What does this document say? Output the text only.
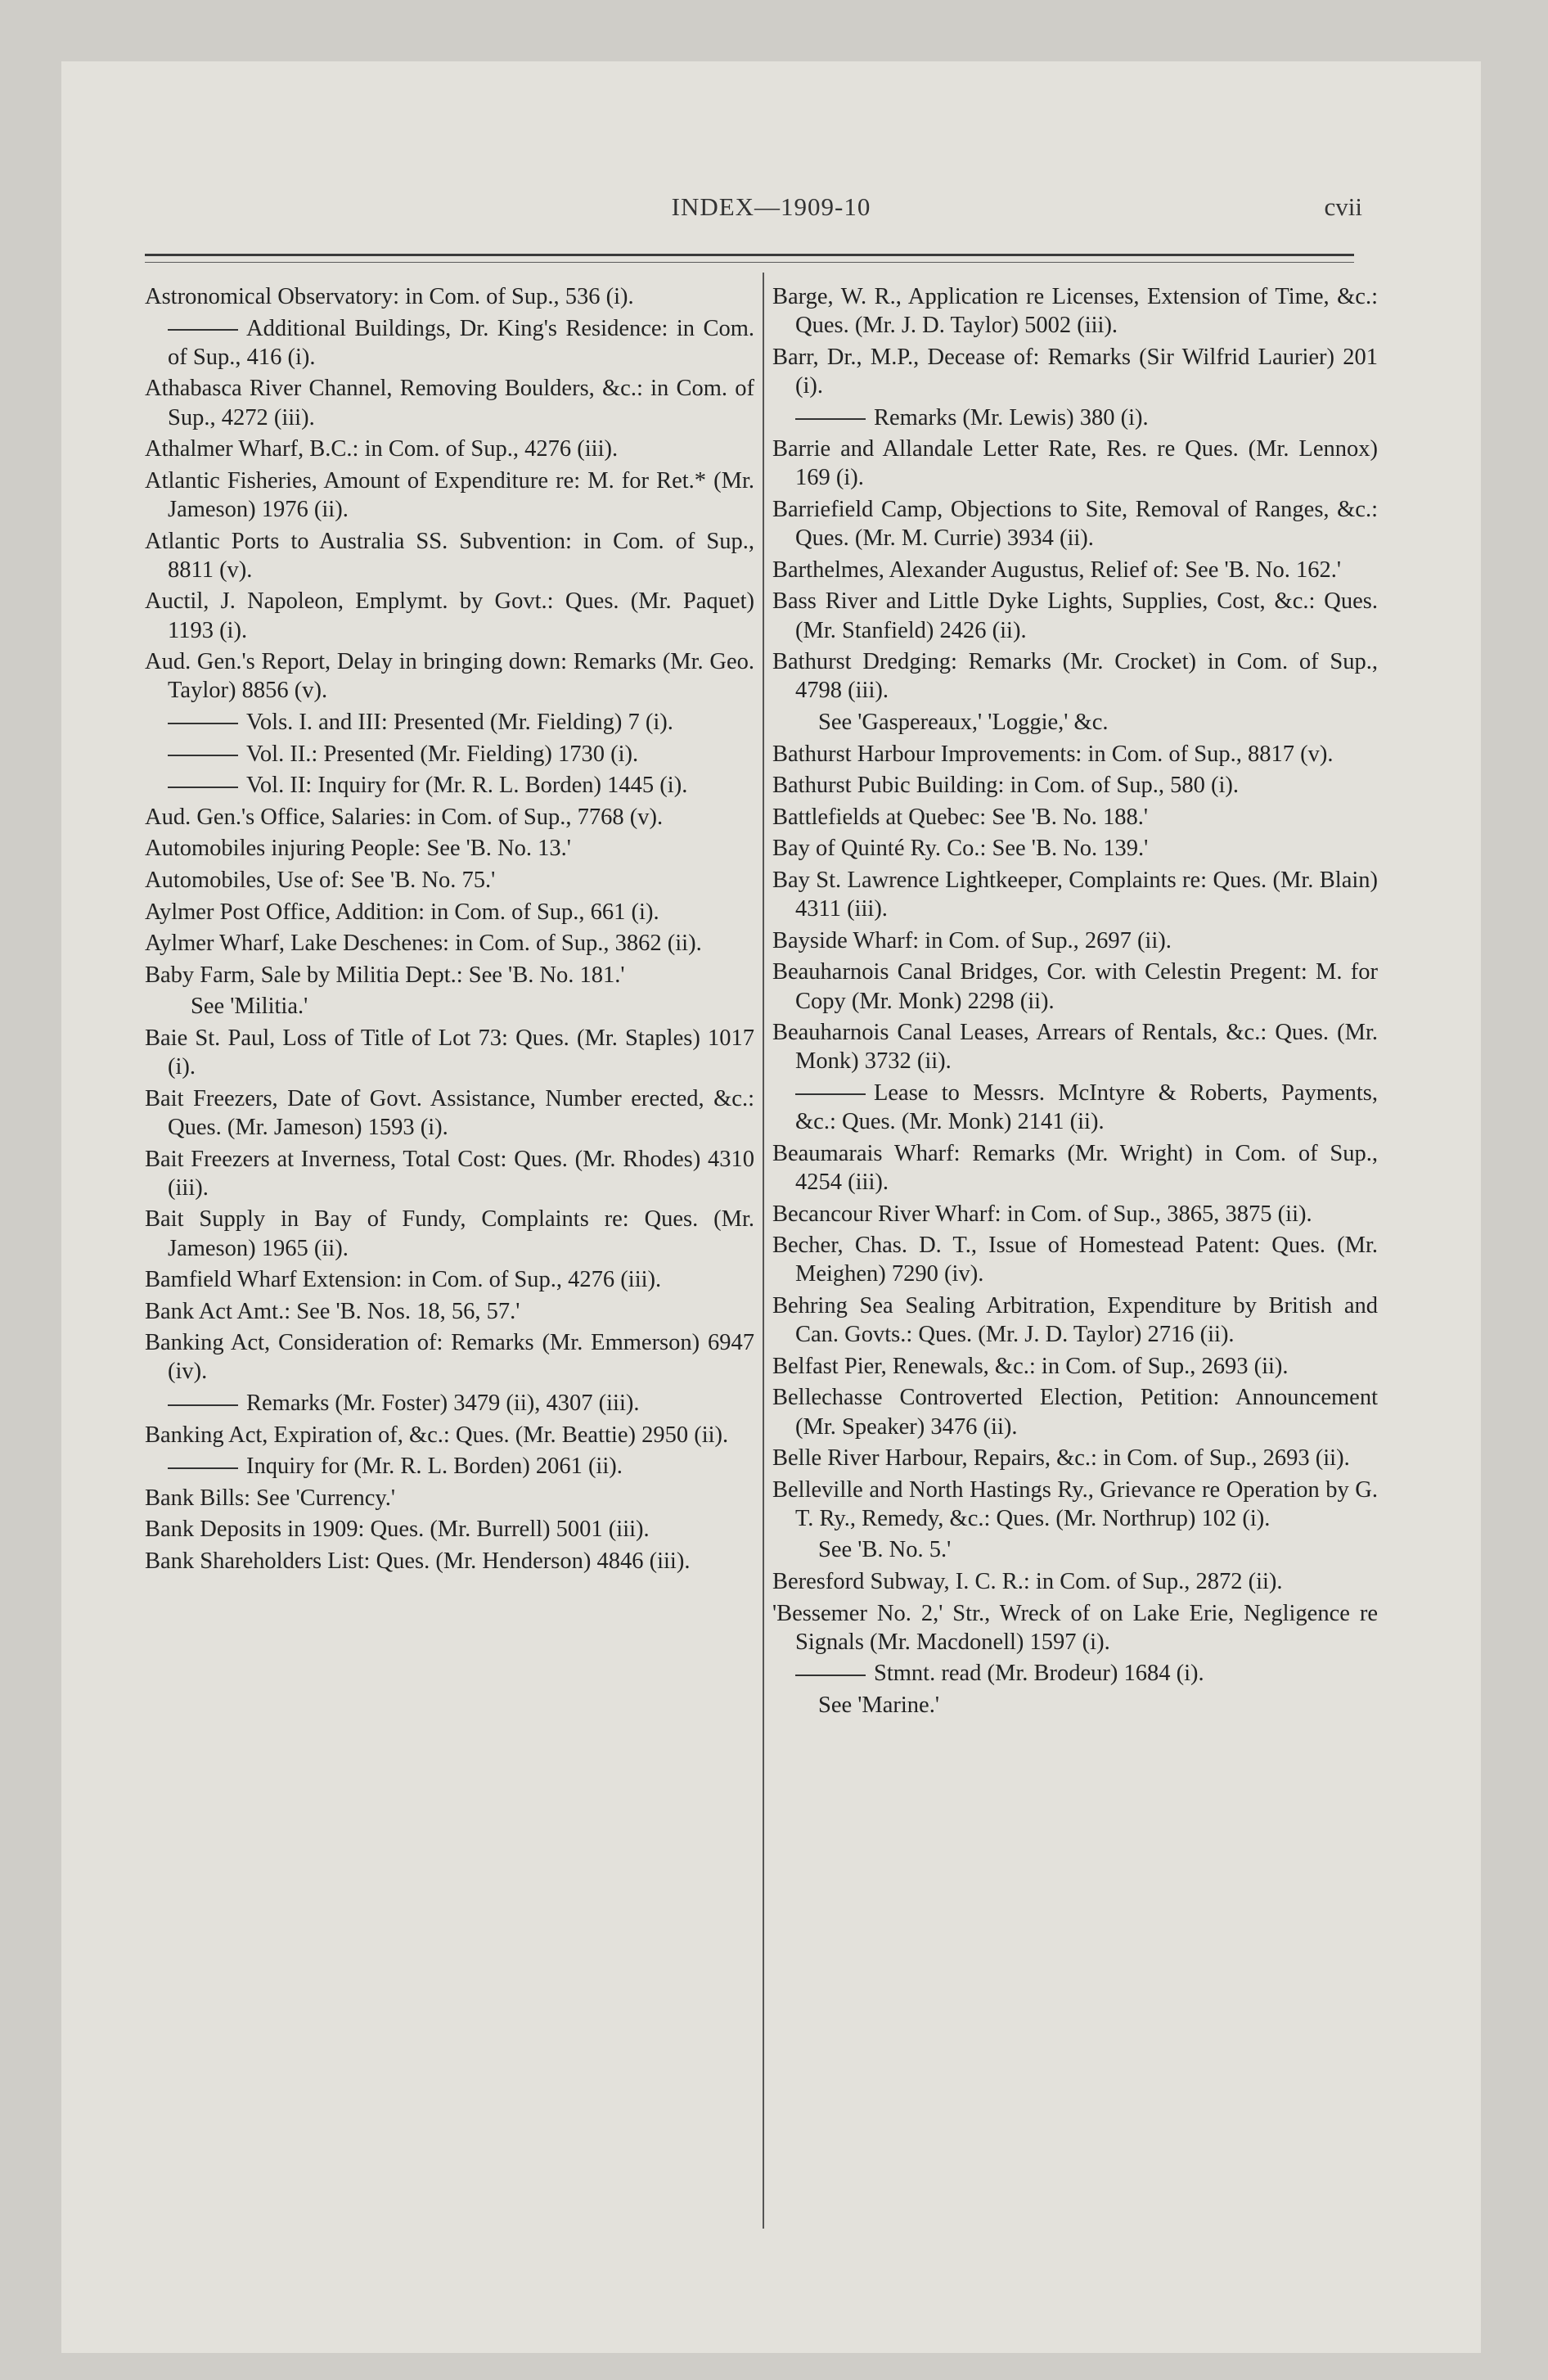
INDEX—1909-10	cvii

Astronomical Observatory: in Com. of Sup., 536 (i).

Additional Buildings, Dr. King's Residence: in Com. of Sup., 416 (i).

Athabasca River Channel, Removing Boulders, &c.: in Com. of Sup., 4272 (iii).

Athalmer Wharf, B.C.: in Com. of Sup., 4276 (iii).

Atlantic Fisheries, Amount of Expenditure re: M. for Ret.* (Mr. Jameson) 1976 (ii).

Atlantic Ports to Australia SS. Subvention: in Com. of Sup., 8811 (v).

Auctil, J. Napoleon, Emplymt. by Govt.: Ques. (Mr. Paquet) 1193 (i).

Aud. Gen.'s Report, Delay in bringing down: Remarks (Mr. Geo. Taylor) 8856 (v).

Vols. I. and III: Presented (Mr. Fielding) 7 (i).

Vol. II.: Presented (Mr. Fielding) 1730 (i).

Vol. II: Inquiry for (Mr. R. L. Borden) 1445 (i).

Aud. Gen.'s Office, Salaries: in Com. of Sup., 7768 (v).

Automobiles injuring People: See 'B. No. 13.'

Automobiles, Use of: See 'B. No. 75.'

Aylmer Post Office, Addition: in Com. of Sup., 661 (i).

Aylmer Wharf, Lake Deschenes: in Com. of Sup., 3862 (ii).

Baby Farm, Sale by Militia Dept.: See 'B. No. 181.'

See 'Militia.'

Baie St. Paul, Loss of Title of Lot 73: Ques. (Mr. Staples) 1017 (i).

Bait Freezers, Date of Govt. Assistance, Number erected, &c.: Ques. (Mr. Jameson) 1593 (i).

Bait Freezers at Inverness, Total Cost: Ques. (Mr. Rhodes) 4310 (iii).

Bait Supply in Bay of Fundy, Complaints re: Ques. (Mr. Jameson) 1965 (ii).

Bamfield Wharf Extension: in Com. of Sup., 4276 (iii).

Bank Act Amt.: See 'B. Nos. 18, 56, 57.'

Banking Act, Consideration of: Remarks (Mr. Emmerson) 6947 (iv).

Remarks (Mr. Foster) 3479 (ii), 4307 (iii).

Banking Act, Expiration of, &c.: Ques. (Mr. Beattie) 2950 (ii).

Inquiry for (Mr. R. L. Borden) 2061 (ii).

Bank Bills: See 'Currency.'

Bank Deposits in 1909: Ques. (Mr. Burrell) 5001 (iii).

Bank Shareholders List: Ques. (Mr. Henderson) 4846 (iii).

Barge, W. R., Application re Licenses, Extension of Time, &c.: Ques. (Mr. J. D. Taylor) 5002 (iii).

Barr, Dr., M.P., Decease of: Remarks (Sir Wilfrid Laurier) 201 (i).

Remarks (Mr. Lewis) 380 (i).

Barrie and Allandale Letter Rate, Res. re Ques. (Mr. Lennox) 169 (i).

Barriefield Camp, Objections to Site, Removal of Ranges, &c.: Ques. (Mr. M. Currie) 3934 (ii).

Barthelmes, Alexander Augustus, Relief of: See 'B. No. 162.'

Bass River and Little Dyke Lights, Supplies, Cost, &c.: Ques. (Mr. Stanfield) 2426 (ii).

Bathurst Dredging: Remarks (Mr. Crocket) in Com. of Sup., 4798 (iii).

See 'Gaspereaux,' 'Loggie,' &c.

Bathurst Harbour Improvements: in Com. of Sup., 8817 (v).

Bathurst Pubic Building: in Com. of Sup., 580 (i).

Battlefields at Quebec: See 'B. No. 188.'

Bay of Quinté Ry. Co.: See 'B. No. 139.'

Bay St. Lawrence Lightkeeper, Complaints re: Ques. (Mr. Blain) 4311 (iii).

Bayside Wharf: in Com. of Sup., 2697 (ii).

Beauharnois Canal Bridges, Cor. with Celestin Pregent: M. for Copy (Mr. Monk) 2298 (ii).

Beauharnois Canal Leases, Arrears of Rentals, &c.: Ques. (Mr. Monk) 3732 (ii).

Lease to Messrs. McIntyre & Roberts, Payments, &c.: Ques. (Mr. Monk) 2141 (ii).

Beaumarais Wharf: Remarks (Mr. Wright) in Com. of Sup., 4254 (iii).

Becancour River Wharf: in Com. of Sup., 3865, 3875 (ii).

Becher, Chas. D. T., Issue of Homestead Patent: Ques. (Mr. Meighen) 7290 (iv).

Behring Sea Sealing Arbitration, Expenditure by British and Can. Govts.: Ques. (Mr. J. D. Taylor) 2716 (ii).

Belfast Pier, Renewals, &c.: in Com. of Sup., 2693 (ii).

Bellechasse Controverted Election, Petition: Announcement (Mr. Speaker) 3476 (ii).

Belle River Harbour, Repairs, &c.: in Com. of Sup., 2693 (ii).

Belleville and North Hastings Ry., Grievance re Operation by G. T. Ry., Remedy, &c.: Ques. (Mr. Northrup) 102 (i).

See 'B. No. 5.'

Beresford Subway, I. C. R.: in Com. of Sup., 2872 (ii).

'Bessemer No. 2,' Str., Wreck of on Lake Erie, Negligence re Signals (Mr. Macdonell) 1597 (i).

Stmnt. read (Mr. Brodeur) 1684 (i).

See 'Marine.'
